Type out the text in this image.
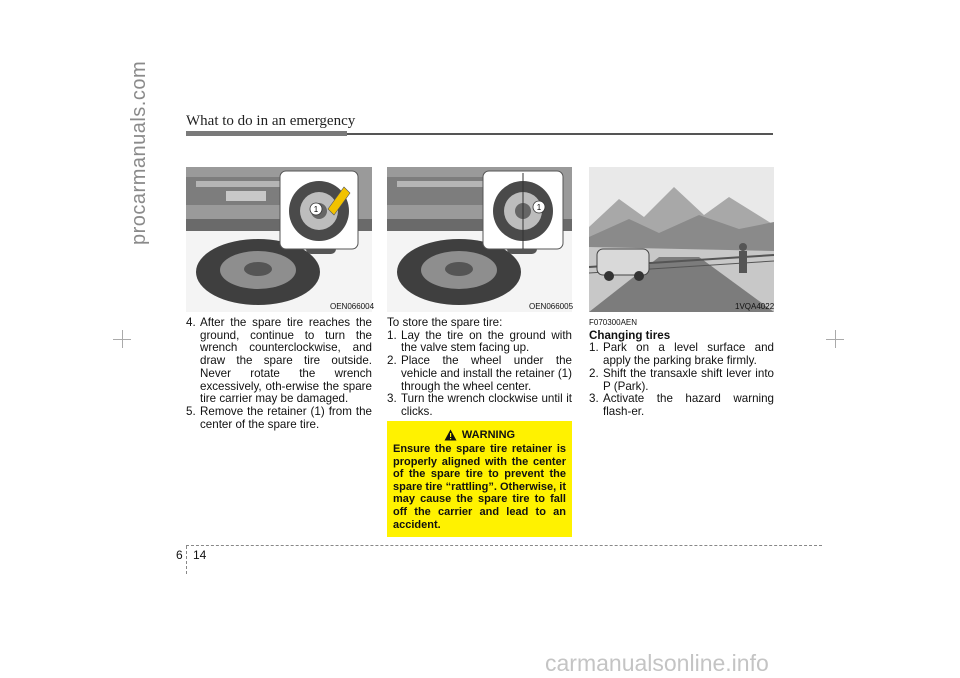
What to do in an emergency
procarmanuals.com	1
OEN066004
1
OEN066005	1VQA4022

4. After the spare tire reaches the ground, continue to turn the wrench counterclockwise, and draw the spare tire outside. Never rotate the wrench excessively, oth-erwise the spare tire carrier may be damaged.

5. Remove the retainer (1) from the center of the spare tire.

To store the spare tire:

1. Lay the tire on the ground with the valve stem facing up.

2. Place the wheel under the vehicle and install the retainer (1) through the wheel center.

3. Turn the wrench clockwise until it clicks.

WARNING
Ensure the spare tire retainer is properly aligned with the center of the spare tire to prevent the spare tire “rattling”. Otherwise, it may cause the spare tire to fall off the carrier and lead to an accident.

F070300AEN

Changing tires

1. Park on a level surface and apply the parking brake firmly.

2. Shift the transaxle shift lever into P (Park).

3. Activate the hazard warning flash-er.

6 14
carmanualsonline.info
